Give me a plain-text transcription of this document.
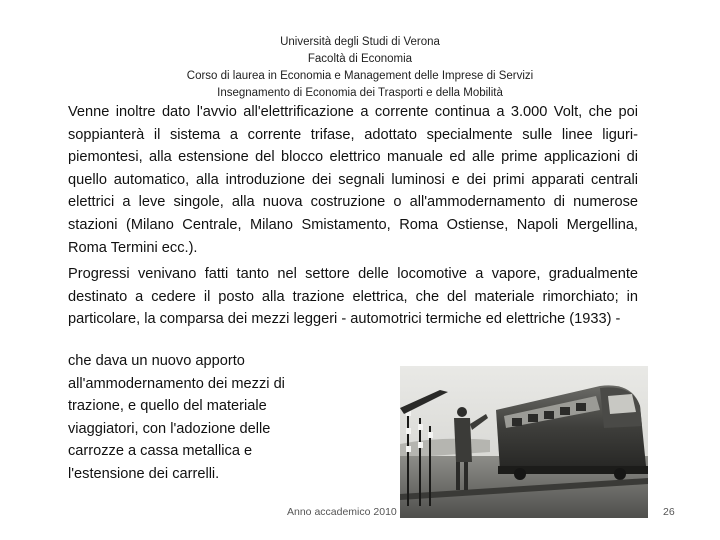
Università degli Studi di Verona
Facoltà di Economia
Corso di laurea in Economia e Management delle Imprese di Servizi
Insegnamento di Economia dei Trasporti e della Mobilità
Venne inoltre dato l'avvio all'elettrificazione a corrente continua a 3.000 Volt, che poi soppianterà il sistema a corrente trifase, adottato specialmente sulle linee liguri-piemontesi, alla estensione del blocco elettrico manuale ed alle prime applicazioni di quello automatico, alla introduzione dei segnali luminosi e dei primi apparati centrali elettrici a leve singole, alla nuova costruzione o all'ammodernamento di numerose stazioni (Milano Centrale, Milano Smistamento, Roma Ostiense, Napoli Mergellina, Roma Termini ecc.).
Progressi venivano fatti tanto nel settore delle locomotive a vapore, gradualmente destinato a cedere il posto alla trazione elettrica, che del materiale rimorchiato; in particolare, la comparsa dei mezzi leggeri - automotrici termiche ed elettriche (1933) -
che dava un nuovo apporto
all'ammodernamento dei mezzi di
trazione, e quello del materiale
viaggiatori, con l'adozione delle
carrozze a cassa metallica e
l'estensione dei carrelli.
Anno accademico 2010	26
